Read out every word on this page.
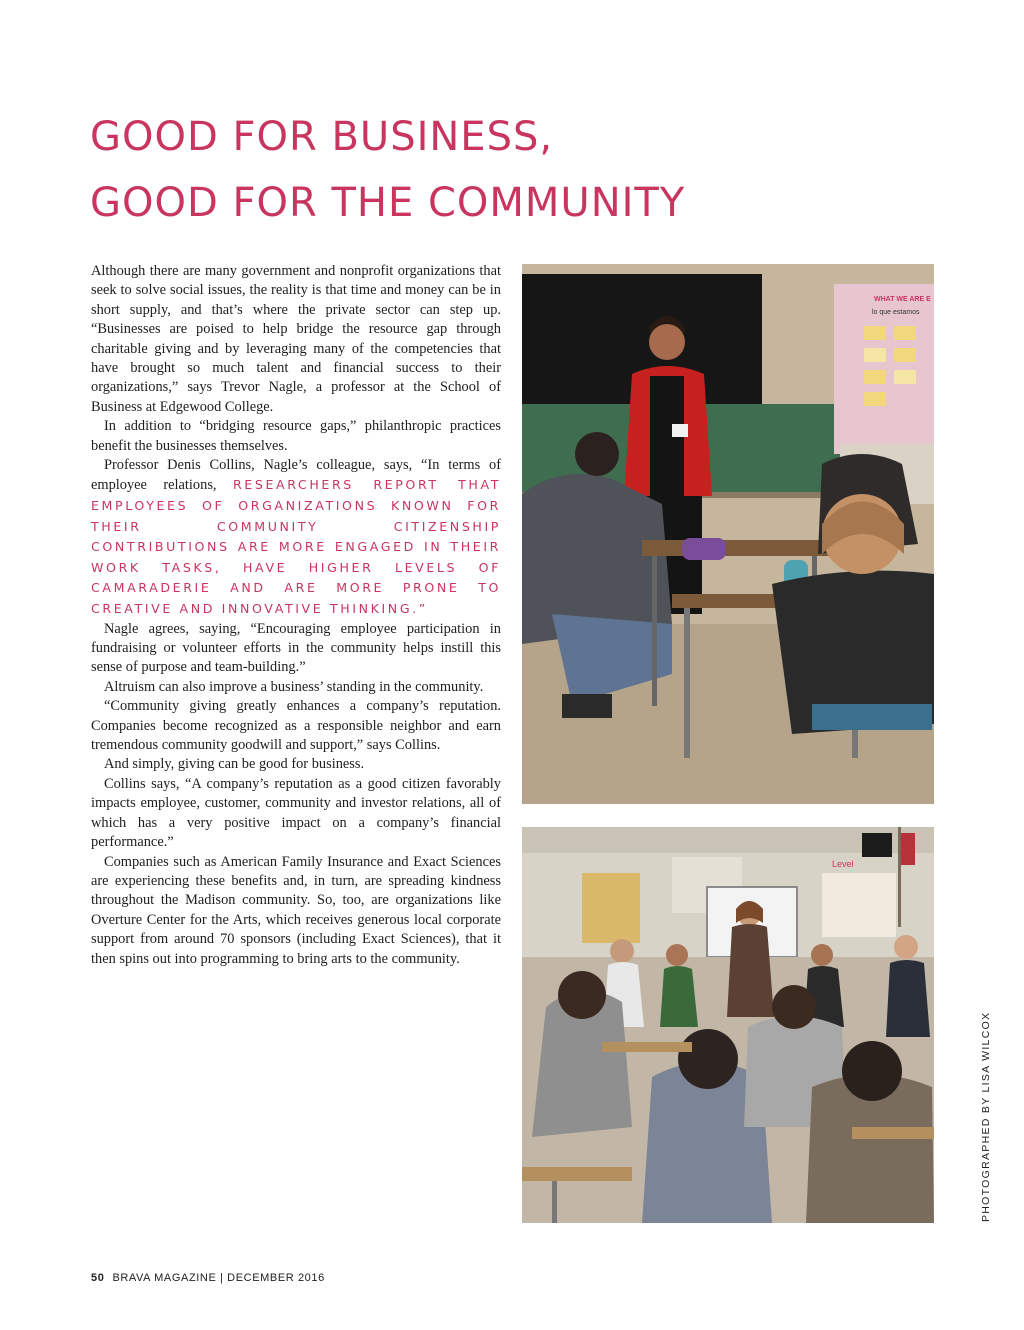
GOOD FOR BUSINESS,
GOOD FOR THE COMMUNITY

Although there are many government and nonprofit organizations that seek to solve social issues, the reality is that time and money can be in short supply, and that’s where the private sector can step up. “Businesses are poised to help bridge the resource gap through charitable giving and by leveraging many of the competencies that have brought so much talent and financial success to their organizations,” says Trevor Nagle, a professor at the School of Business at Edgewood College.

In addition to “bridging resource gaps,” philanthropic practices benefit the businesses themselves.

Professor Denis Collins, Nagle’s colleague, says, “In terms of employee relations, RESEARCHERS REPORT THAT EMPLOYEES OF ORGANIZATIONS KNOWN FOR THEIR COMMUNITY CITIZENSHIP CONTRIBUTIONS ARE MORE ENGAGED IN THEIR WORK TASKS, HAVE HIGHER LEVELS OF CAMARADERIE AND ARE MORE PRONE TO CREATIVE AND INNOVATIVE THINKING.”

Nagle agrees, saying, “Encouraging employee participation in fundraising or volunteer efforts in the community helps instill this sense of purpose and team-building.”

Altruism can also improve a business’ standing in the community.

“Community giving greatly enhances a company’s reputation. Companies become recognized as a responsible neighbor and earn tremendous community goodwill and support,” says Collins.

And simply, giving can be good for business.

Collins says, “A company’s reputation as a good citizen favorably impacts employee, customer, community and investor relations, all of which has a very positive impact on a company’s financial performance.”

Companies such as American Family Insurance and Exact Sciences are experiencing these benefits and, in turn, are spreading kindness throughout the Madison community. So, too, are organizations like Overture Center for the Arts, which receives generous local corporate support from around 70 sponsors (including Exact Sciences), that it then spins out into programming to bring arts to the community.

WHAT WE ARE E
lo que estamos
Level
PHOTOGRAPHED BY LISA WILCOX
50 BRAVA MAGAZINE | DECEMBER 2016
